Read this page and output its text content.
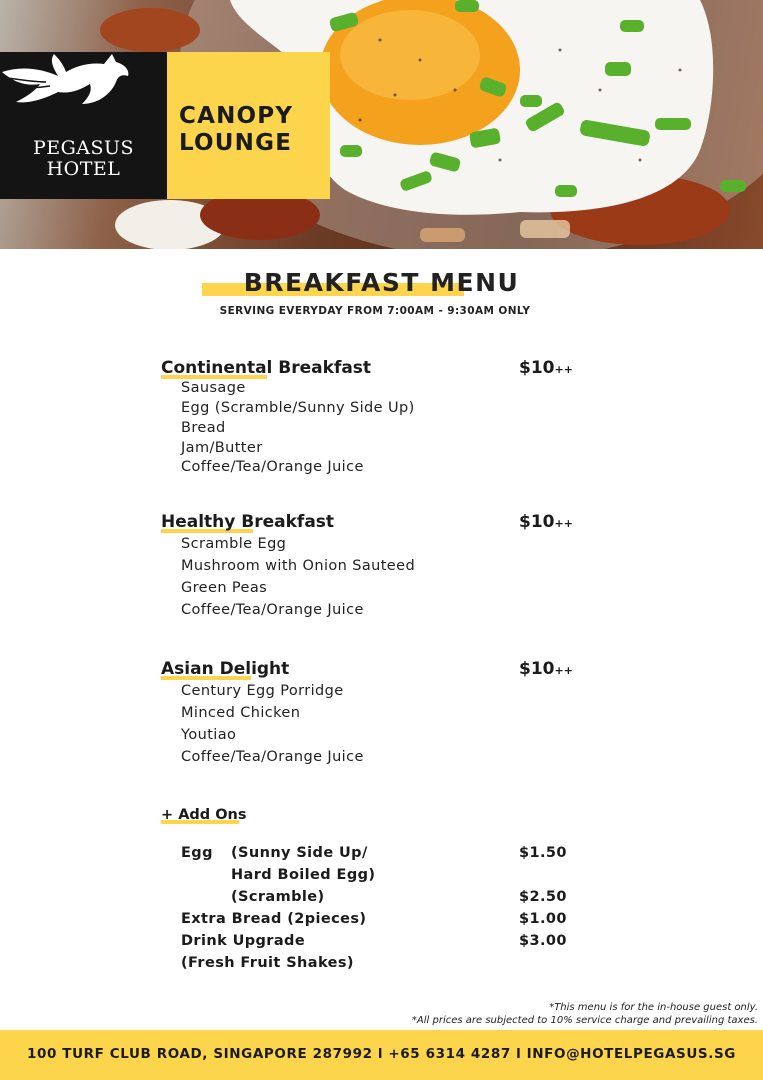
PEGASUS
HOTEL
CANOPY
LOUNGE
BREAKFAST MENU
SERVING EVERYDAY FROM 7:00AM - 9:30AM ONLY
Continental Breakfast	$10++
Sausage
Egg (Scramble/Sunny Side Up)
Bread
Jam/Butter
Coffee/Tea/Orange Juice
Healthy Breakfast	$10++
Scramble Egg
Mushroom with Onion Sauteed
Green Peas
Coffee/Tea/Orange Juice
Asian Delight	$10++
Century Egg Porridge
Minced Chicken
Youtiao
Coffee/Tea/Orange Juice
+ Add Ons
Egg (Sunny Side Up/	$1.50
Hard Boiled Egg)
(Scramble)	$2.50
Extra Bread (2pieces)	$1.00
Drink Upgrade	$3.00
(Fresh Fruit Shakes)
*This menu is for the in-house guest only.
*All prices are subjected to 10% service charge and prevailing taxes.
100 TURF CLUB ROAD, SINGAPORE 287992 l +65 6314 4287 l INFO@HOTELPEGASUS.SG
